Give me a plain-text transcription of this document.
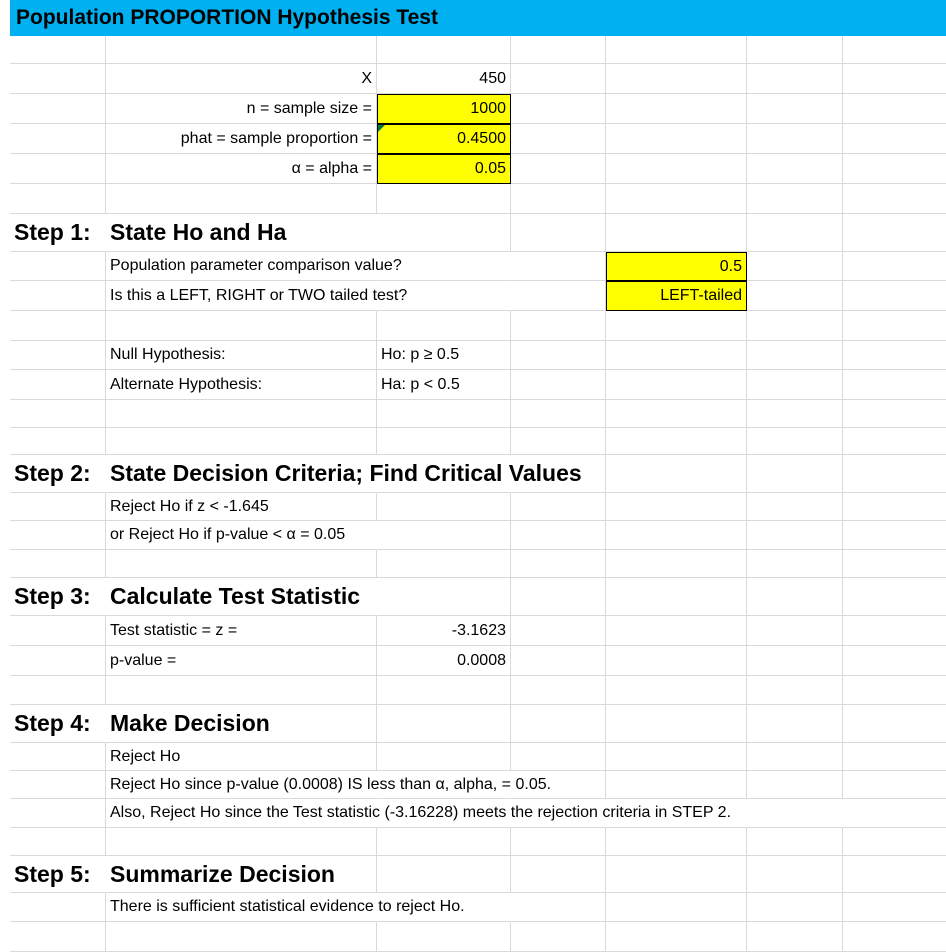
Population PROPORTION Hypothesis Test
X	450
n = sample size =	1000
phat = sample proportion =	0.4500
α = alpha =	0.05
Step 1: State Ho and Ha
Population parameter comparison value?	0.5
Is this a LEFT, RIGHT or TWO tailed test?	LEFT-tailed
Null Hypothesis:	Ho: p ≥ 0.5
Alternate Hypothesis:	Ha: p < 0.5
Step 2: State Decision Criteria; Find Critical Values
Reject Ho if z < -1.645
or Reject Ho if p-value < α = 0.05
Step 3: Calculate Test Statistic
Test statistic = z =	-3.1623
p-value =	0.0008
Step 4: Make Decision
Reject Ho
Reject Ho since p-value (0.0008) IS less than α, alpha, = 0.05.
Also, Reject Ho since the Test statistic (-3.16228) meets the rejection criteria in STEP 2.
Step 5: Summarize Decision
There is sufficient statistical evidence to reject Ho.
